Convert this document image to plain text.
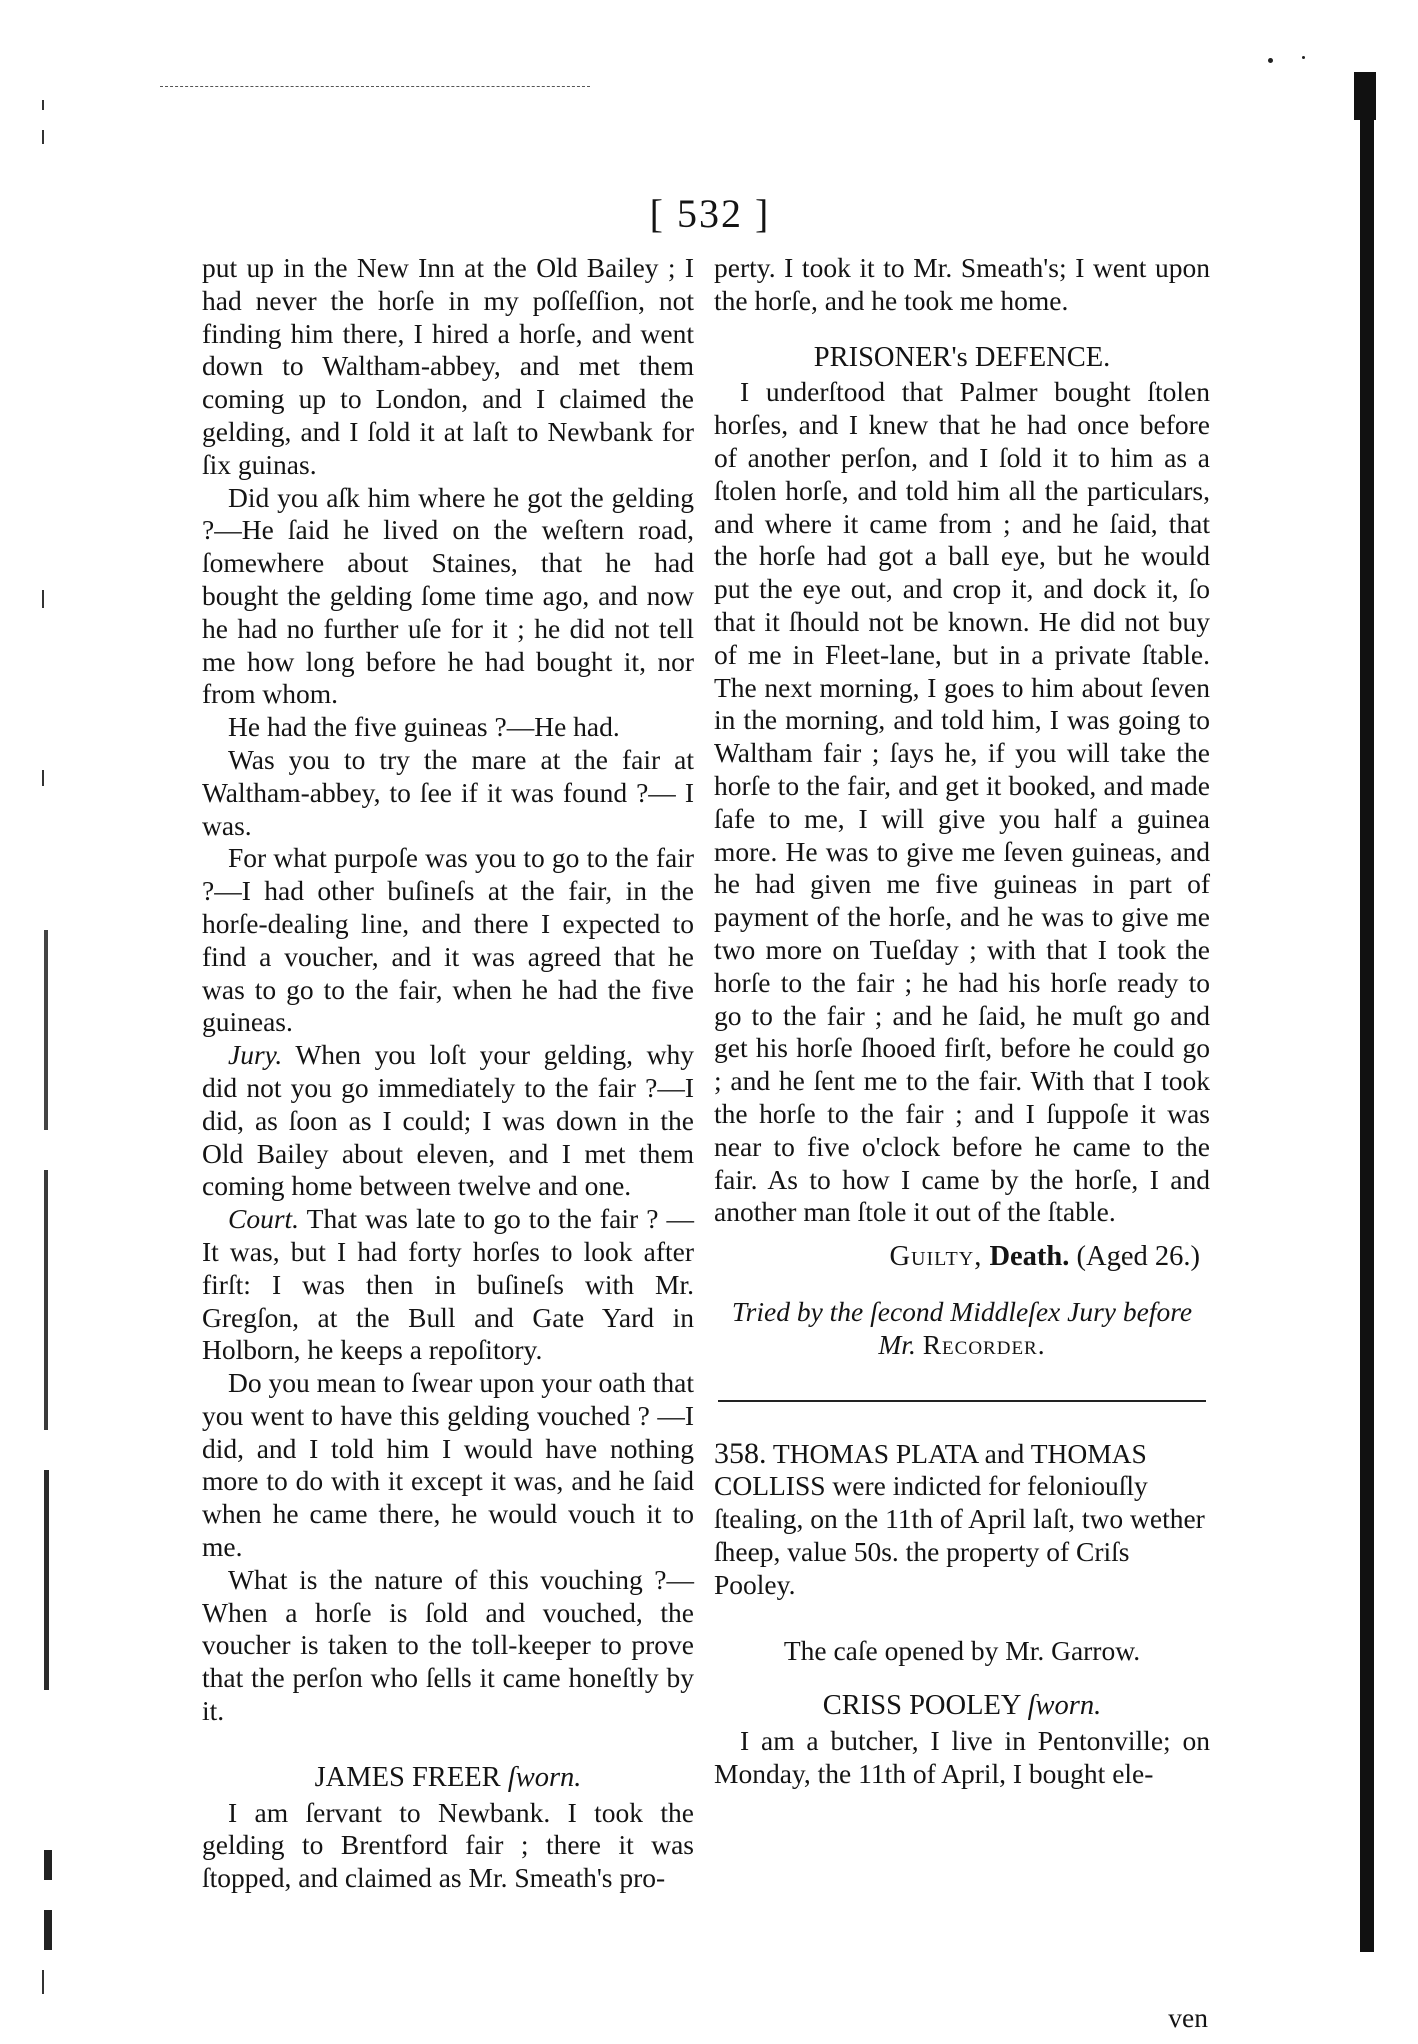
[ 532 ]

put up in the New Inn at the Old Bailey ; I had never the horſe in my poſſeſſion, not finding him there, I hired a horſe, and went down to Waltham-abbey, and met them coming up to London, and I claimed the gelding, and I ſold it at laſt to Newbank for ſix guinas.

Did you aſk him where he got the gelding ?—He ſaid he lived on the weſtern road, ſomewhere about Staines, that he had bought the gelding ſome time ago, and now he had no further uſe for it ; he did not tell me how long before he had bought it, nor from whom.

He had the five guineas ?—He had.

Was you to try the mare at the fair at Waltham-abbey, to ſee if it was found ?— I was.

For what purpoſe was you to go to the fair ?—I had other buſineſs at the fair, in the horſe-dealing line, and there I expected to find a voucher, and it was agreed that he was to go to the fair, when he had the five guineas.

Jury. When you loſt your gelding, why did not you go immediately to the fair ?—I did, as ſoon as I could; I was down in the Old Bailey about eleven, and I met them coming home between twelve and one.

Court. That was late to go to the fair ? —It was, but I had forty horſes to look after firſt: I was then in buſineſs with Mr. Gregſon, at the Bull and Gate Yard in Holborn, he keeps a repoſitory.

Do you mean to ſwear upon your oath that you went to have this gelding vouched ? —I did, and I told him I would have nothing more to do with it except it was, and he ſaid when he came there, he would vouch it to me.

What is the nature of this vouching ?— When a horſe is ſold and vouched, the voucher is taken to the toll-keeper to prove that the perſon who ſells it came honeſtly by it.

JAMES FREER ſworn.

I am ſervant to Newbank. I took the gelding to Brentford fair ; there it was ſtopped, and claimed as Mr. Smeath's pro-

perty. I took it to Mr. Smeath's; I went upon the horſe, and he took me home.

PRISONER's DEFENCE.

I underſtood that Palmer bought ſtolen horſes, and I knew that he had once before of another perſon, and I ſold it to him as a ſtolen horſe, and told him all the particulars, and where it came from ; and he ſaid, that the horſe had got a ball eye, but he would put the eye out, and crop it, and dock it, ſo that it ſhould not be known. He did not buy of me in Fleet-lane, but in a private ſtable. The next morning, I goes to him about ſeven in the morning, and told him, I was going to Waltham fair ; ſays he, if you will take the horſe to the fair, and get it booked, and made ſafe to me, I will give you half a guinea more. He was to give me ſeven guineas, and he had given me five guineas in part of payment of the horſe, and he was to give me two more on Tueſday ; with that I took the horſe to the fair ; he had his horſe ready to go to the fair ; and he ſaid, he muſt go and get his horſe ſhooed firſt, before he could go ; and he ſent me to the fair. With that I took the horſe to the fair ; and I ſuppoſe it was near to five o'clock before he came to the fair. As to how I came by the horſe, I and another man ſtole it out of the ſtable.

Guilty, Death. (Aged 26.)

Tried by the ſecond Middleſex Jury before
Mr. Recorder.

358. THOMAS PLATA and THOMAS COLLISS were indicted for feloniouſly ſtealing, on the 11th of April laſt, two wether ſheep, value 50s. the property of Criſs Pooley.

The caſe opened by Mr. Garrow.

CRISS POOLEY ſworn.

I am a butcher, I live in Pentonville; on Monday, the 11th of April, I bought ele-

ven
